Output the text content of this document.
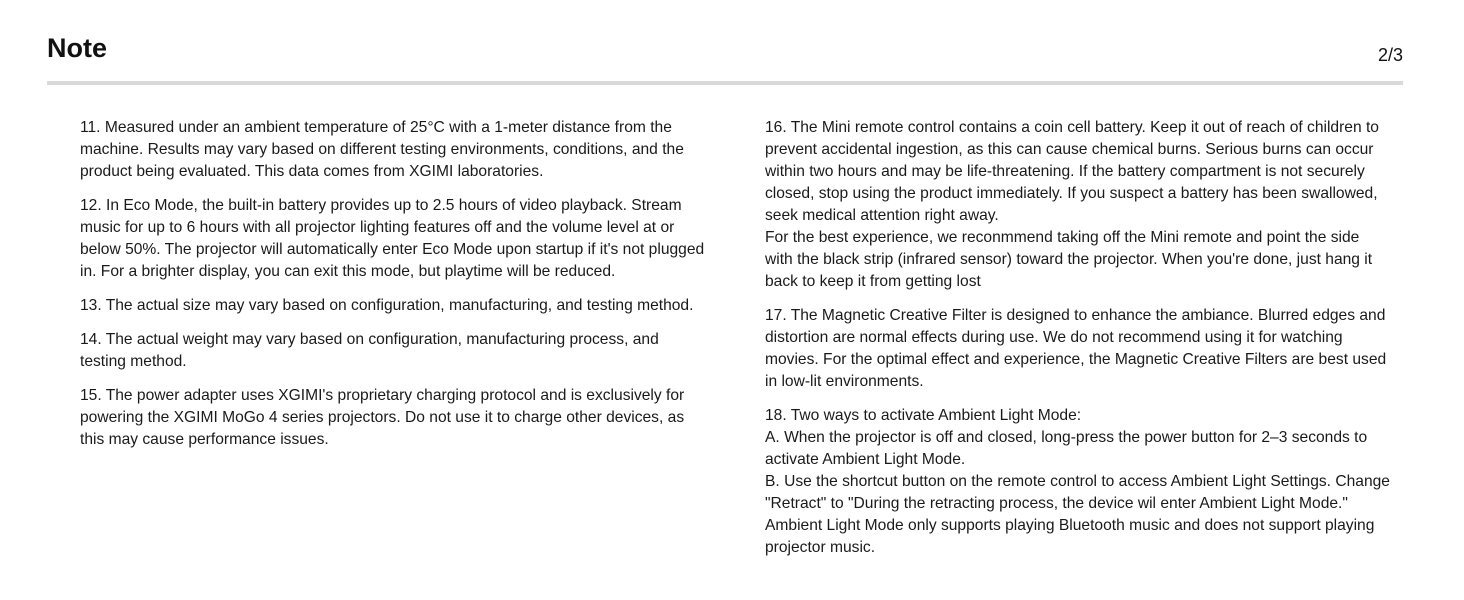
Note	2/3

11. Measured under an ambient temperature of 25°C with a 1-meter distance from the machine. Results may vary based on different testing environments, conditions, and the product being evaluated. This data comes from XGIMI laboratories.

12. In Eco Mode, the built-in battery provides up to 2.5 hours of video playback. Stream music for up to 6 hours with all projector lighting features off and the volume level at or below 50%. The projector will automatically enter Eco Mode upon startup if it's not plugged in. For a brighter display, you can exit this mode, but playtime will be reduced.

13. The actual size may vary based on configuration, manufacturing, and testing method.

14. The actual weight may vary based on configuration, manufacturing process, and testing method.

15. The power adapter uses XGIMI's proprietary charging protocol and is exclusively for powering the XGIMI MoGo 4 series projectors. Do not use it to charge other devices, as this may cause performance issues.

16. The Mini remote control contains a coin cell battery. Keep it out of reach of children to prevent accidental ingestion, as this can cause chemical burns. Serious burns can occur within two hours and may be life-threatening. If the battery compartment is not securely closed, stop using the product immediately. If you suspect a battery has been swallowed, seek medical attention right away.

For the best experience, we reconmmend taking off the Mini remote and point the side with the black strip (infrared sensor) toward the projector. When you're done, just hang it back to keep it from getting lost

17. The Magnetic Creative Filter is designed to enhance the ambiance. Blurred edges and distortion are normal effects during use. We do not recommend using it for watching movies. For the optimal effect and experience, the Magnetic Creative Filters are best used in low-lit environments.

18. Two ways to activate Ambient Light Mode:

A. When the projector is off and closed, long-press the power button for 2–3 seconds to activate Ambient Light Mode.

B. Use the shortcut button on the remote control to access Ambient Light Settings. Change "Retract" to "During the retracting process, the device wil enter Ambient Light Mode." Ambient Light Mode only supports playing Bluetooth music and does not support playing projector music.
